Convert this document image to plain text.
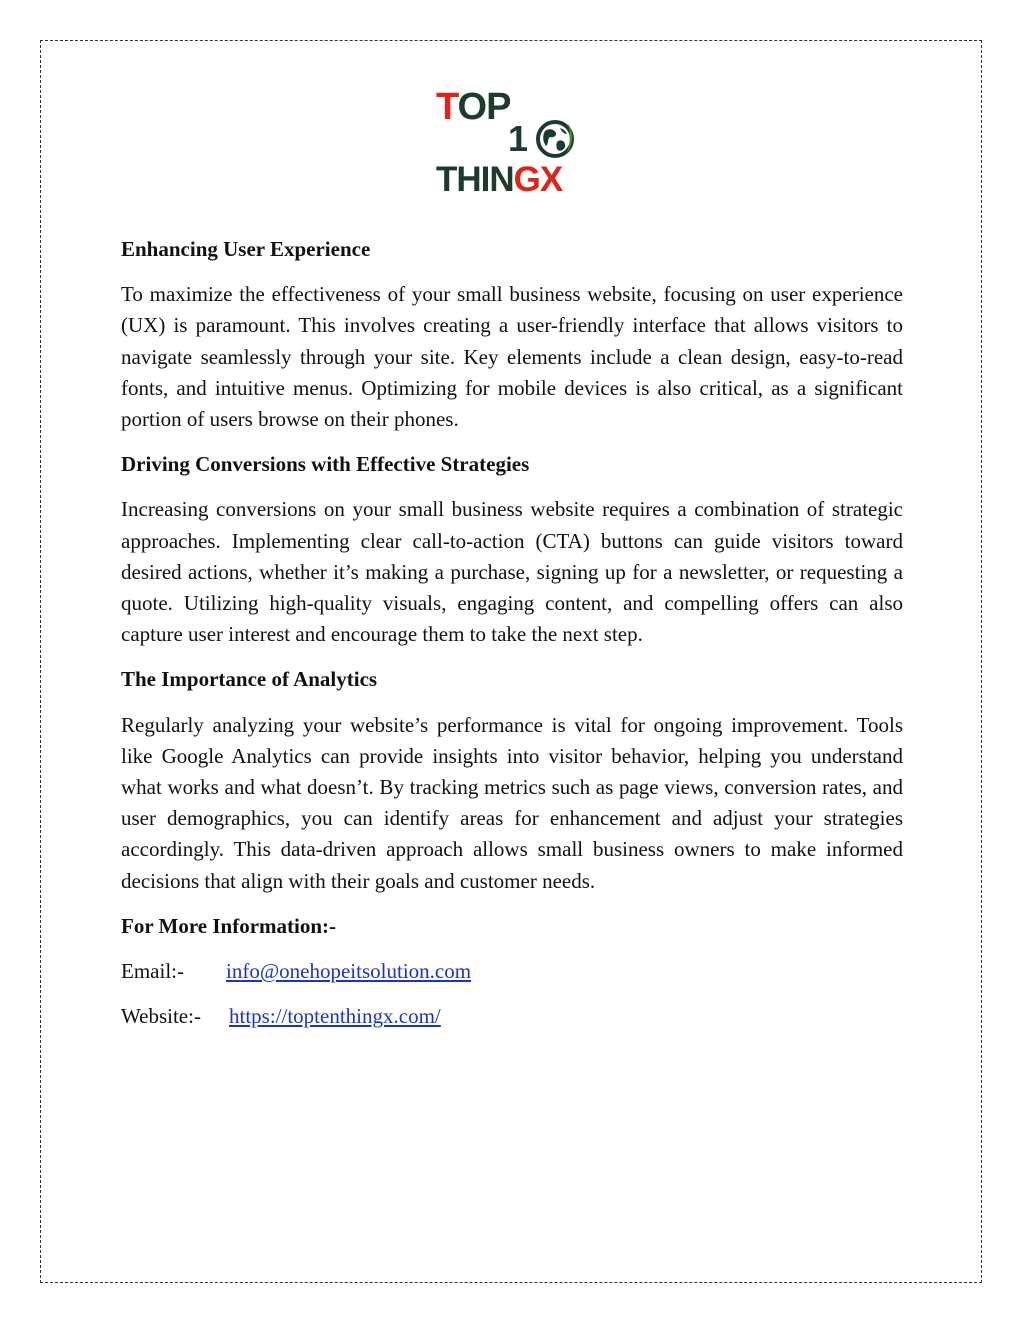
TOP
1
THINGX
Enhancing User Experience

To maximize the effectiveness of your small business website, focusing on user experience (UX) is paramount. This involves creating a user-friendly interface that allows visitors to navigate seamlessly through your site. Key elements include a clean design, easy-to-read fonts, and intuitive menus. Optimizing for mobile devices is also critical, as a significant portion of users browse on their phones.

Driving Conversions with Effective Strategies

Increasing conversions on your small business website requires a combination of strategic approaches. Implementing clear call-to-action (CTA) buttons can guide visitors toward desired actions, whether it’s making a purchase, signing up for a newsletter, or requesting a quote. Utilizing high-quality visuals, engaging content, and compelling offers can also capture user interest and encourage them to take the next step.

The Importance of Analytics

Regularly analyzing your website’s performance is vital for ongoing improvement. Tools like Google Analytics can provide insights into visitor behavior, helping you understand what works and what doesn’t. By tracking metrics such as page views, conversion rates, and user demographics, you can identify areas for enhancement and adjust your strategies accordingly. This data-driven approach allows small business owners to make informed decisions that align with their goals and customer needs.

For More Information:-
Email:- info@onehopeitsolution.com
Website:- https://toptenthingx.com/
